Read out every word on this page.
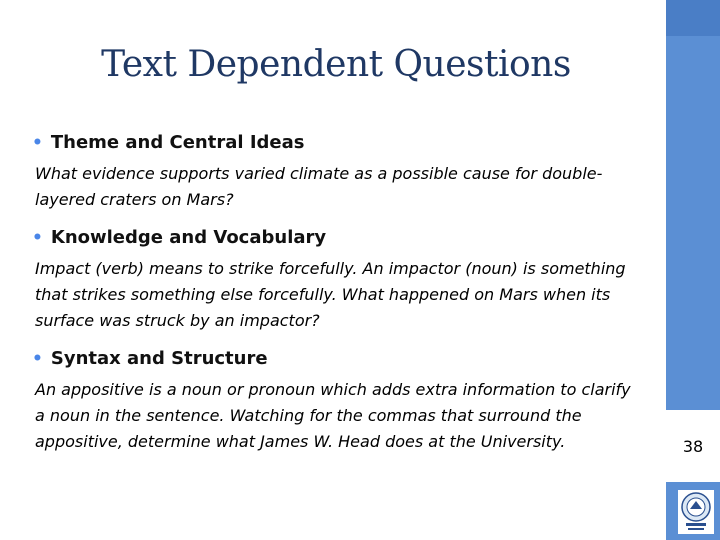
Text Dependent Questions
• Theme and Central Ideas

What evidence supports varied climate as a possible cause for double-layered craters on Mars?

• Knowledge and Vocabulary

Impact (verb) means to strike forcefully. An impactor (noun) is something that strikes something else forcefully. What happened on Mars when its surface was struck by an impactor?

• Syntax and Structure

An appositive is a noun or pronoun which adds extra information to clarify a noun in the sentence. Watching for the commas that surround the appositive, determine what James W. Head does at the University.	38
